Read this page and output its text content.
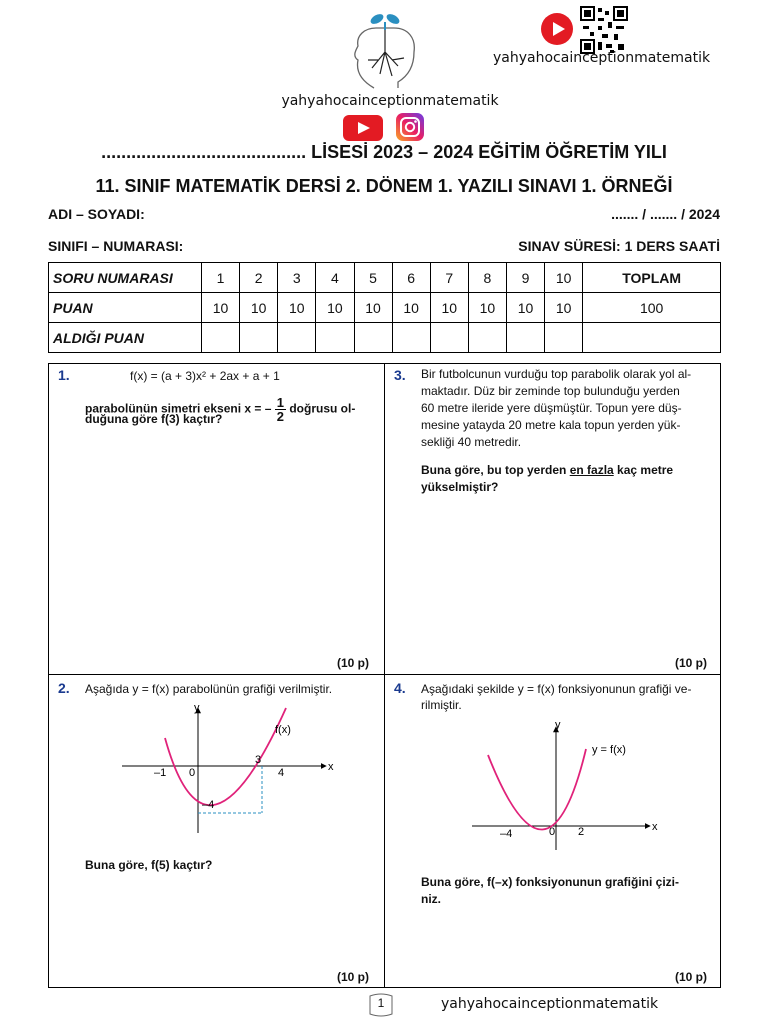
yahyahocainceptionmatematik
yahyahocainceptionmatematik
......................................... LİSESİ 2023 – 2024 EĞİTİM ÖĞRETİM YILI
11. SINIF MATEMATİK DERSİ 2. DÖNEM 1. YAZILI SINAVI 1. ÖRNEĞİ
ADI – SOYADI:	....... / ....... / 2024
SINIFI – NUMARASI:	SINAV SÜRESİ: 1 DERS SAATİ
SORU NUMARASI	1	2	3	4	5	6	7	8	9	10	TOPLAM
PUAN	10	10	10	10	10	10	10	10	10	10	100
ALDIĞI PUAN											
1.	f(x) = (a + 3)x² + 2ax + a + 1
parabolünün simetri ekseni x = – $\frac{1}{2}$ doğrusu ol-
duğuna göre f(3) kaçtır?
(10 p)
3. Bir futbolcunun vurduğu top parabolik olarak yol al-
maktadır. Düz bir zeminde top bulunduğu yerden
60 metre ileride yere düşmüştür. Topun yere düş-
mesine yatayda 20 metre kala topun yerden yük-
sekliği 40 metredir.
Buna göre, bu top yerden en fazla kaç metre
yükselmiştir?
(10 p)
2. Aşağıda y = f(x) parabolünün grafiği verilmiştir.
y
x
f(x)
–1 0
3
4
–4
Buna göre, f(5) kaçtır?
(10 p)
4. Aşağıdaki şekilde y = f(x) fonksiyonunun grafiği ve-
rilmiştir.
y
x
y = f(x)
–4	0 2
Buna göre, f(–x) fonksiyonunun grafiğini çizi-
niz.
(10 p)
1	yahyahocainceptionmatematik
